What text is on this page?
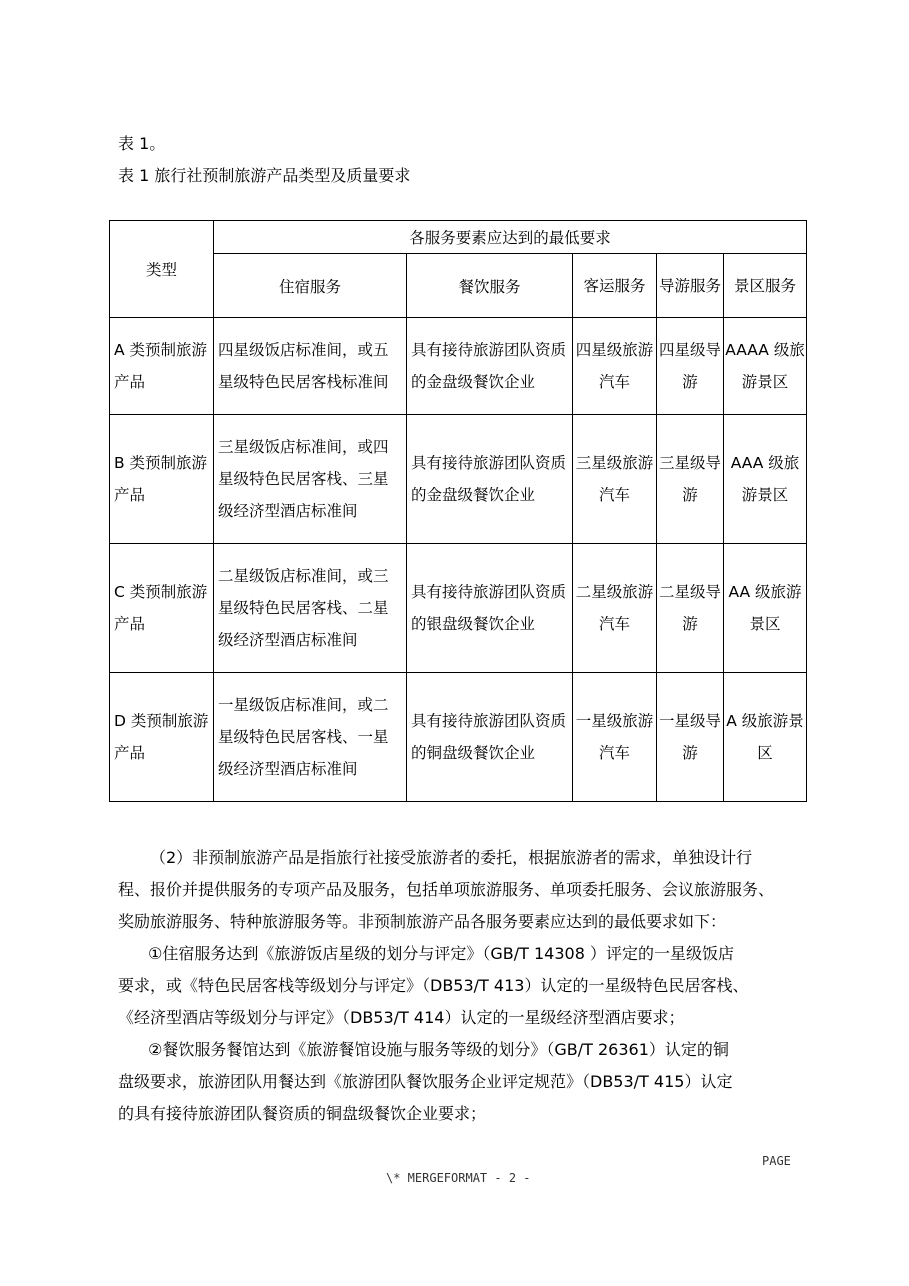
表 1。
表 1 旅行社预制旅游产品类型及质量要求
类型	各服务要素应达到的最低要求				
	住宿服务	餐饮服务	客运服务	导游服务	景区服务
A 类预制旅游产品	四星级饭店标准间，或五星级特色民居客栈标准间	具有接待旅游团队资质的金盘级餐饮企业	四星级旅游汽车	四星级导游	AAAA 级旅游景区
B 类预制旅游产品	三星级饭店标准间，或四星级特色民居客栈、三星级经济型酒店标准间	具有接待旅游团队资质的金盘级餐饮企业	三星级旅游汽车	三星级导游	AAA 级旅游景区
C 类预制旅游产品	二星级饭店标准间，或三星级特色民居客栈、二星级经济型酒店标准间	具有接待旅游团队资质的银盘级餐饮企业	二星级旅游汽车	二星级导游	AA 级旅游景区
D 类预制旅游产品	一星级饭店标准间，或二星级特色民居客栈、一星级经济型酒店标准间	具有接待旅游团队资质的铜盘级餐饮企业	一星级旅游汽车	一星级导游	A 级旅游景区
（2）非预制旅游产品是指旅行社接受旅游者的委托，根据旅游者的需求，单独设计行
程、报价并提供服务的专项产品及服务，包括单项旅游服务、单项委托服务、会议旅游服务、
奖励旅游服务、特种旅游服务等。非预制旅游产品各服务要素应达到的最低要求如下：
①住宿服务达到《旅游饭店星级的划分与评定》（GB/T 14308 ）评定的一星级饭店
要求，或《特色民居客栈等级划分与评定》（DB53/T 413）认定的一星级特色民居客栈、
《经济型酒店等级划分与评定》（DB53/T 414）认定的一星级经济型酒店要求；
②餐饮服务餐馆达到《旅游餐馆设施与服务等级的划分》（GB/T 26361）认定的铜
盘级要求，旅游团队用餐达到《旅游团队餐饮服务企业评定规范》（DB53/T 415）认定
的具有接待旅游团队餐资质的铜盘级餐饮企业要求；
PAGE
\* MERGEFORMAT - 2 -
